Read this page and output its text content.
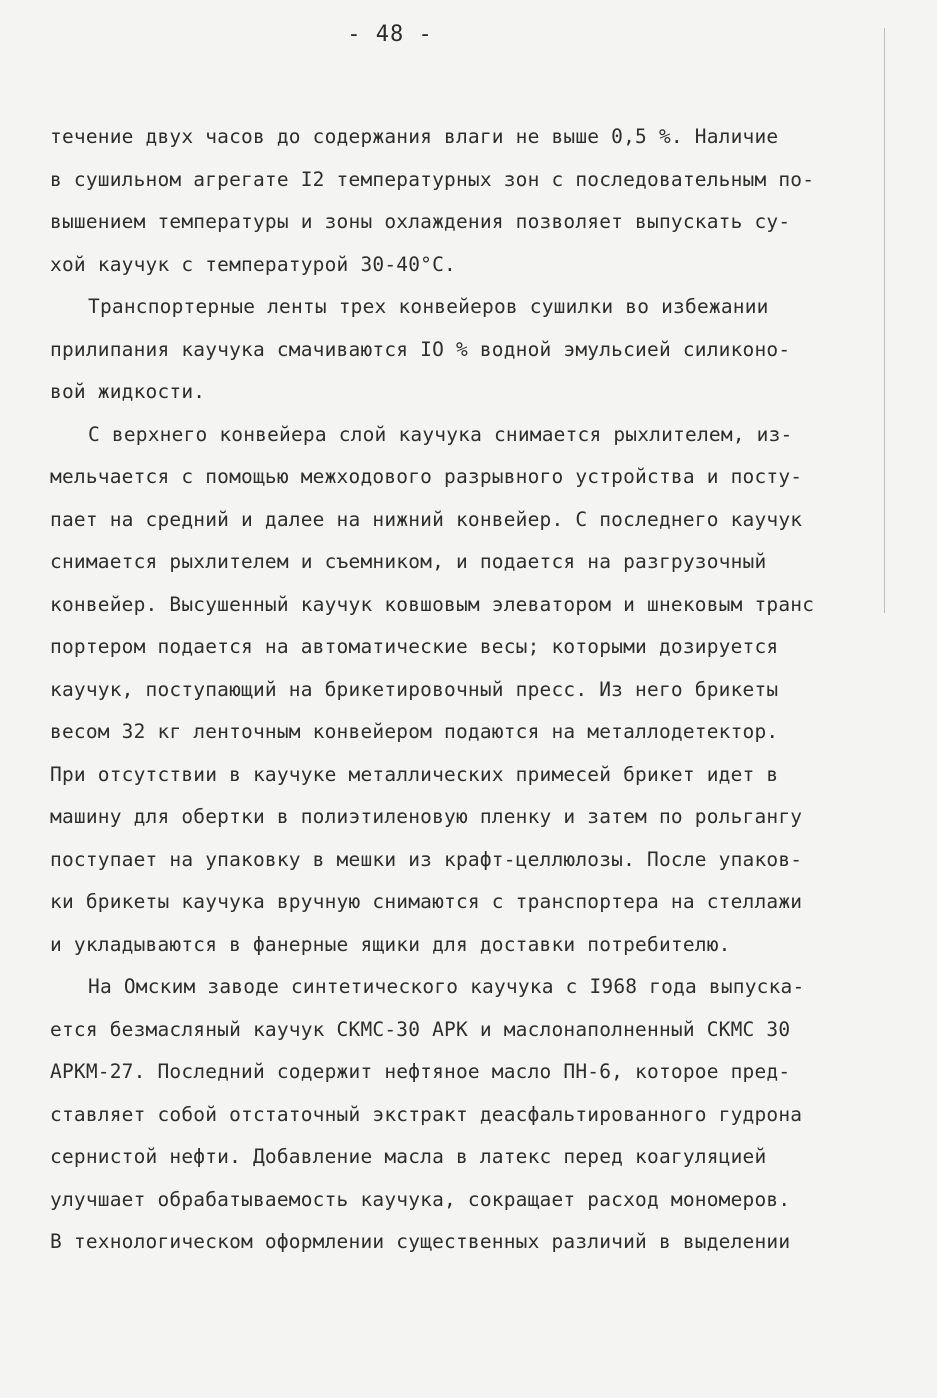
- 48 -
течение двух часов до содержания влаги не выше 0,5 %. Наличие
в сушильном агрегате I2 температурных зон с последовательным по-
вышением температуры и зоны охлаждения позволяет выпускать су-
хой каучук с температурой 30-40°С.
Транспортерные ленты трех конвейеров сушилки во избежании
прилипания каучука смачиваются IO % водной эмульсией силиконо-
вой жидкости.
С верхнего конвейера слой каучука снимается рыхлителем, из-
мельчается с помощью межходового разрывного устройства и посту-
пает на средний и далее на нижний конвейер. С последнего каучук
снимается рыхлителем и съемником, и подается на разгрузочный
конвейер. Высушенный каучук ковшовым элеватором и шнековым транс
портером подается на автоматические весы; которыми дозируется
каучук, поступающий на брикетировочный пресс. Из него брикеты
весом 32 кг ленточным конвейером подаются на металлодетектор.
При отсутствии в каучуке металлических примесей брикет идет в
машину для обертки в полиэтиленовую пленку и затем по рольгангу
поступает на упаковку в мешки из крафт-целлюлозы. После упаков-
ки брикеты каучука вручную снимаются с транспортера на стеллажи
и укладываются в фанерные ящики для доставки потребителю.
На Омским заводе синтетического каучука с I968 года выпуска-
ется безмасляный каучук СКМС-30 АРК и маслонаполненный СКМС 30
АРКМ-27. Последний содержит нефтяное масло ПН-6, которое пред-
ставляет собой отстаточный экстракт деасфальтированного гудрона
сернистой нефти. Добавление масла в латекс перед коагуляцией
улучшает обрабатываемость каучука, сокращает расход мономеров.
В технологическом оформлении существенных различий в выделении
